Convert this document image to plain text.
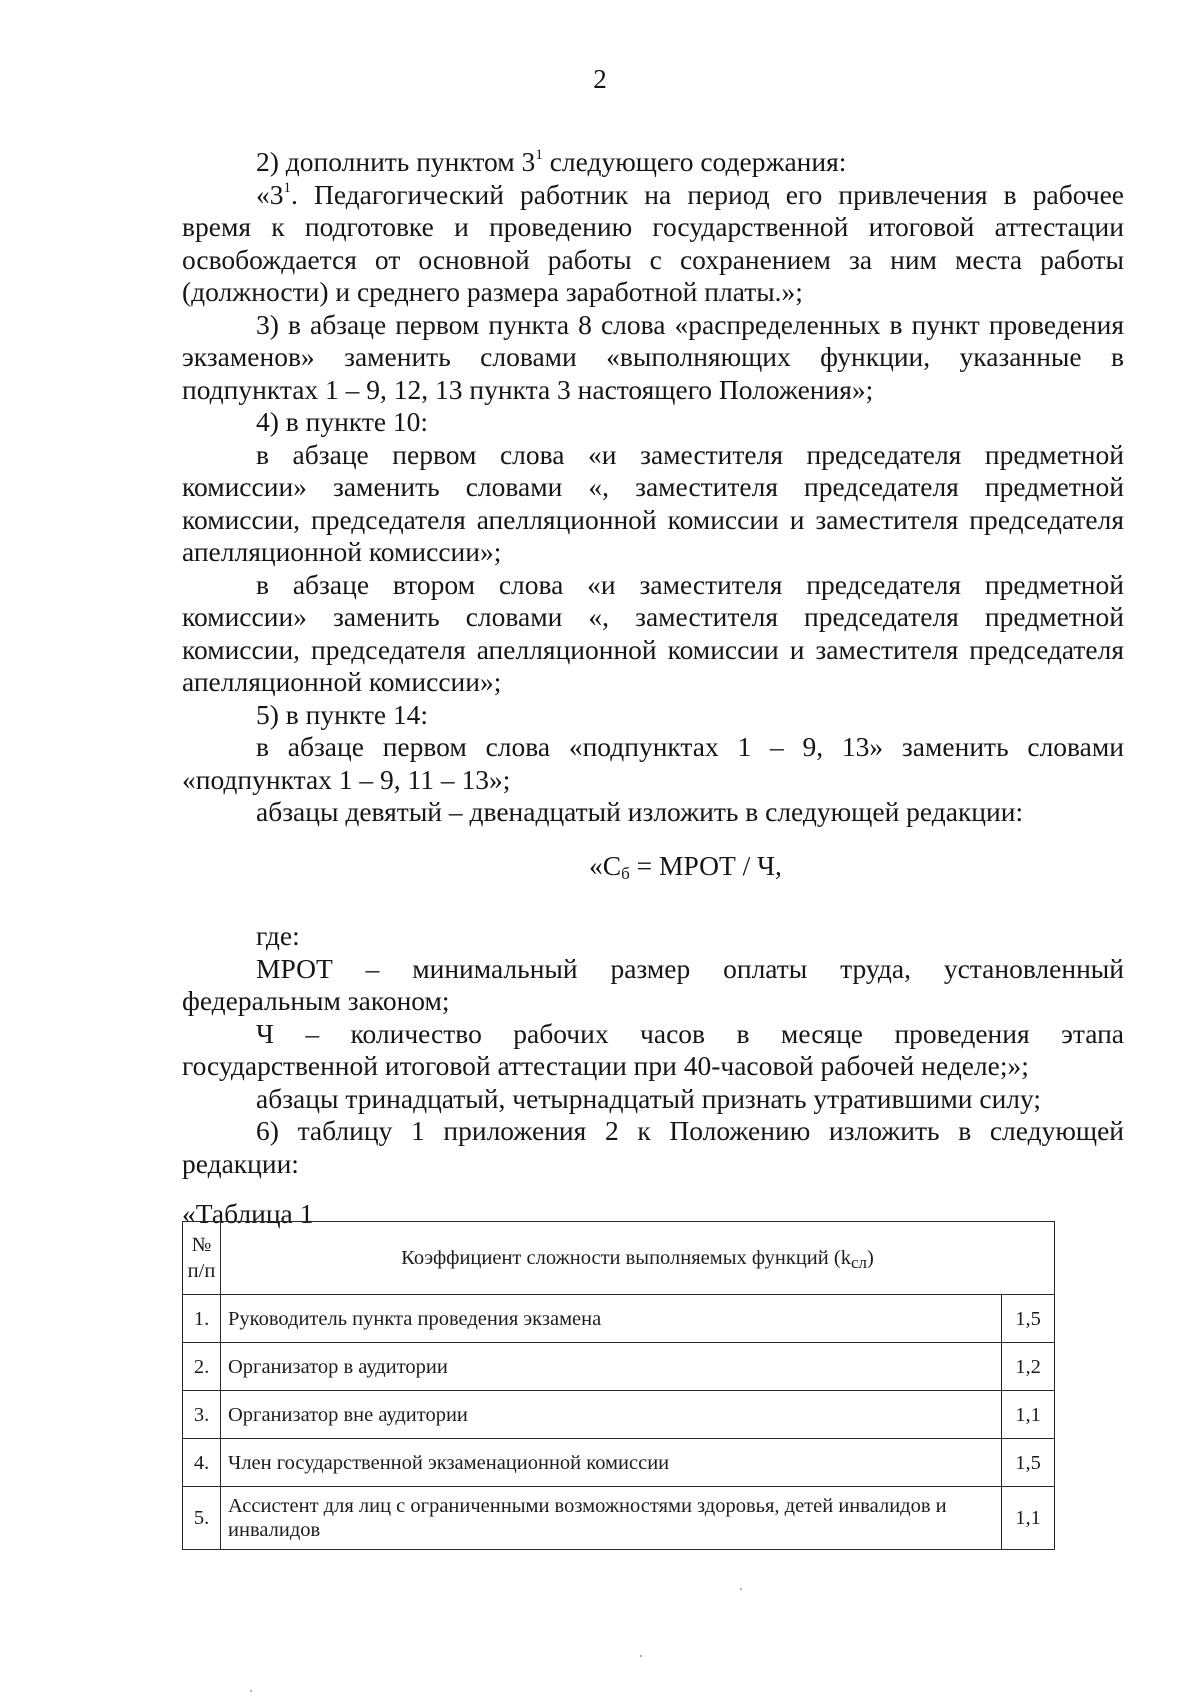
2

2) дополнить пунктом $3^1$ следующего содержания:

«$3^1$. Педагогический работник на период его привлечения в рабочее время к подготовке и проведению государственной итоговой аттестации освобождается от основной работы с сохранением за ним места работы (должности) и среднего размера заработной платы.»;

3) в абзаце первом пункта 8 слова «распределенных в пункт проведения экзаменов» заменить словами «выполняющих функции, указанные в подпунктах 1 – 9, 12, 13 пункта 3 настоящего Положения»;

4) в пункте 10:

в абзаце первом слова «и заместителя председателя предметной комиссии» заменить словами «, заместителя председателя предметной комиссии, председателя апелляционной комиссии и заместителя председателя апелляционной комиссии»;

в абзаце втором слова «и заместителя председателя предметной комиссии» заменить словами «, заместителя председателя предметной комиссии, председателя апелляционной комиссии и заместителя председателя апелляционной комиссии»;

5) в пункте 14:

в абзаце первом слова «подпунктах 1 – 9, 13» заменить словами «подпунктах 1 – 9, 11 – 13»;

абзацы девятый – двенадцатый изложить в следующей редакции:

«$С_б$ = МРОТ / Ч,

где:

МРОТ – минимальный размер оплаты труда, установленный федеральным законом;

Ч – количество рабочих часов в месяце проведения этапа государственной итоговой аттестации при 40-часовой рабочей неделе;»;

абзацы тринадцатый, четырнадцатый признать утратившими силу;

6) таблицу 1 приложения 2 к Положению изложить в следующей редакции:

«Таблица 1

№ п/п	Коэффициент сложности выполняемых функций $(k_{сл})$	
1.	Руководитель пункта проведения экзамена	1,5
2.	Организатор в аудитории	1,2
3.	Организатор вне аудитории	1,1
4.	Член государственной экзаменационной комиссии	1,5
5.	Ассистент для лиц с ограниченными возможностями здоровья, детей инвалидов и инвалидов	1,1
